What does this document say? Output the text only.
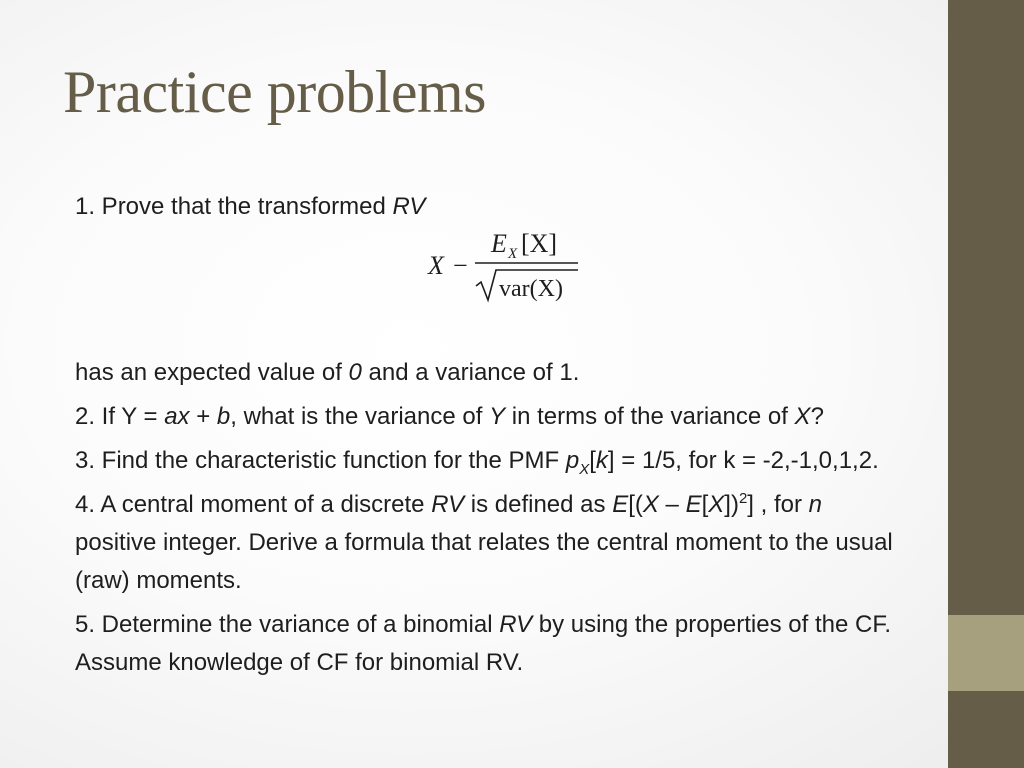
Practice problems

1. Prove that the transformed RV

X −
E X [X]
var(X)

has an expected value of 0 and a variance of 1.

2. If Y = ax + b, what is the variance of Y in terms of the variance of X?

3. Find the characteristic function for the PMF $p_X[k] = 1/5$, for k = -2,-1,0,1,2.

4. A central moment of a discrete RV is defined as E[(X – E[X])$^2$] , for n positive integer. Derive a formula that relates the central moment to the usual (raw) moments.

5. Determine the variance of a binomial RV by using the properties of the CF. Assume knowledge of CF for binomial RV.
